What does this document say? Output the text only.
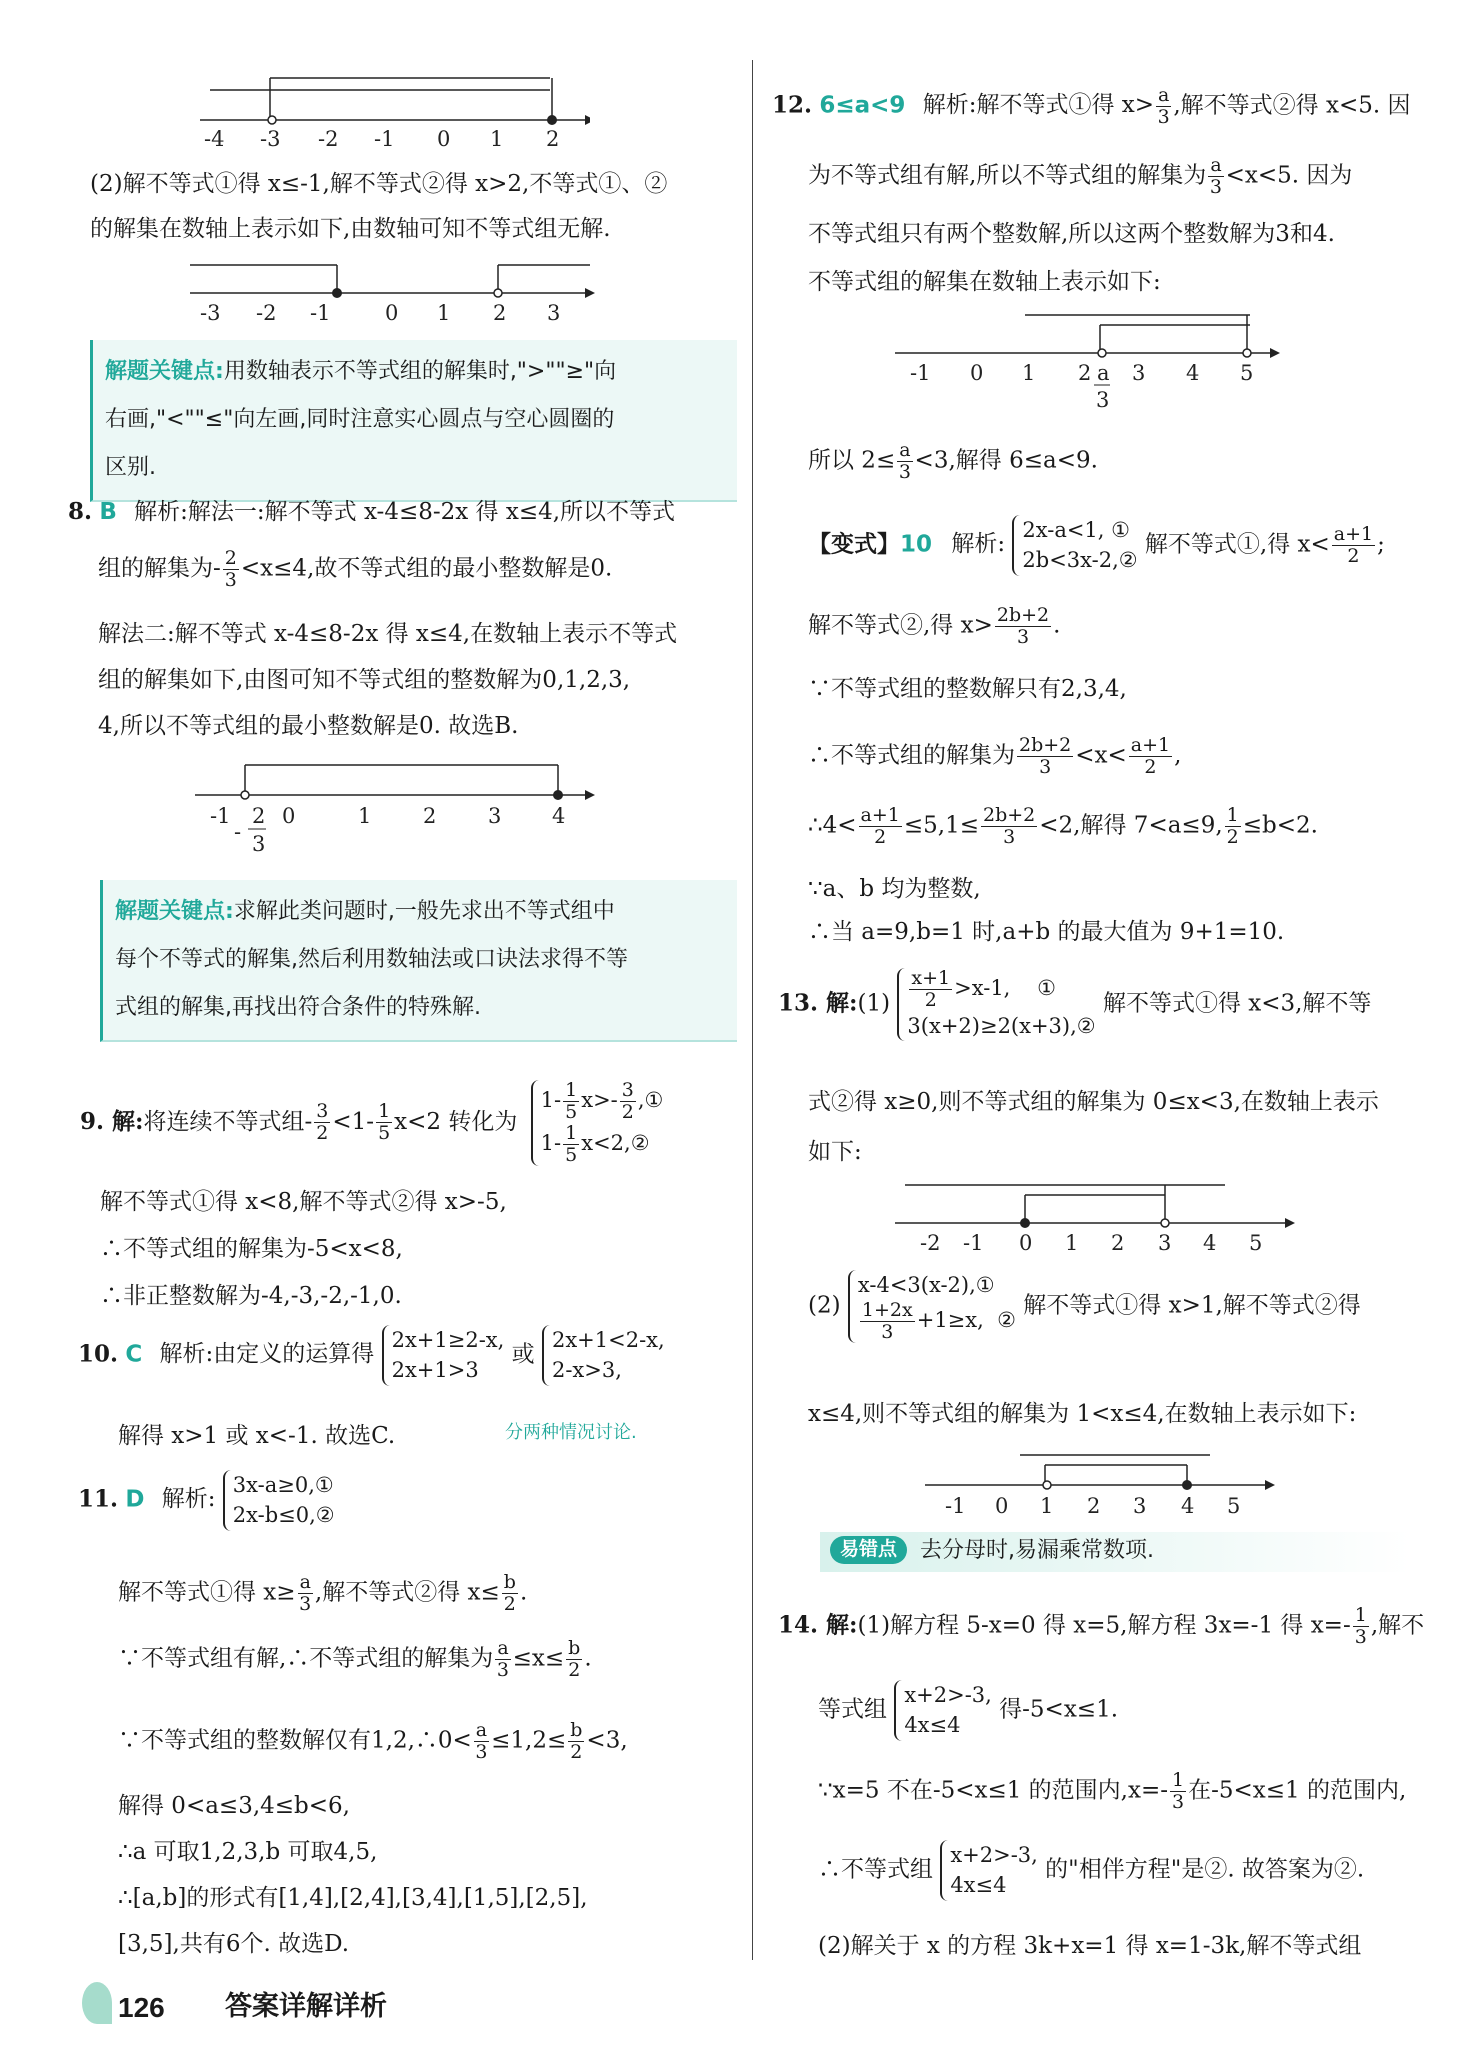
-4 -3 -2 -1 0 1 2
(2)解不等式①得 x≤-1,解不等式②得 x>2,不等式①、②
的解集在数轴上表示如下,由数轴可知不等式组无解.
-3 -2 -1	0 1 2 3
解题关键点:用数轴表示不等式组的解集时,">""≥"向
右画,"<""≤"向左画,同时注意实心圆点与空心圆圈的
区别.
8. B 解析:解法一:解不等式 x-4≤8-2x 得 x≤4,所以不等式
组的解集为- $\frac{2}{3} <x\le 4$,故不等式组的最小整数解是0.
解法二:解不等式 x-4≤8-2x 得 x≤4,在数轴上表示不等式
组的解集如下,由图可知不等式组的整数解为0,1,2,3,
4,所以不等式组的最小整数解是0. 故选B.
-1 0	1 2 3 4
2
3
-
解题关键点:求解此类问题时,一般先求出不等式组中
每个不等式的解集,然后利用数轴法或口诀法求得不等
式组的解集,再找出符合条件的特殊解.
9. 解:将连续不等式组- $\frac{3}{2} <1- \frac{1}{5} x<2$ 转化为 $1- \frac{1}{5} x>- \frac{3}{2}$ ,①
$1- \frac{1}{5}$ x<2,②
解不等式①得 x<8,解不等式②得 x>-5,
∴不等式组的解集为-5<x<8,
∴非正整数解为-4,-3,-2,-1,0.
10. C 解析:由定义的运算得 2x+1≥2-x,
2x+1>3 或 2x+1<2-x,
2-x>3,
解得 x>1 或 x<-1. 故选C.	分两种情况讨论.
11. D 解析: 3x-a≥0,①
2x-b≤0,②
解不等式①得 $x\ge \frac{a}{3}$ ,解不等式②得 $x\le \frac{b}{2}$ .
∵不等式组有解,∴不等式组的解集为 $\frac{a}{3} \le x\le \frac{b}{2}$ .
∵不等式组的整数解仅有1,2,∴0< $\frac{a}{3} \le 1,2\le \frac{b}{2} <3$,
解得 0<a≤3,4≤b<6,
∴a 可取1,2,3,b 可取4,5,
∴[a,b]的形式有[1,4],[2,4],[3,4],[1,5],[2,5],
[3,5],共有6个. 故选D.
126 答案详解详析
12. 6≤a<9 解析:解不等式①得 $x> \frac{a}{3}$ ,解不等式②得 x<5. 因
为不等式组有解,所以不等式组的解集为 $\frac{a}{3} <x<5$. 因为
不等式组只有两个整数解,所以这两个整数解为3和4.
不等式组的解集在数轴上表示如下:
-1 0 1 2 3 4 5
a
3
所以 $2\le \frac{a}{3} <3$,解得 6≤a<9.
【变式】10 解析: 2x-a<1, ①
2b<3x-2,② 解不等式①,得 $x< \frac{a+1}{2}$ ;
解不等式②,得 $x> \frac{2b+2}{3}$ .
∵不等式组的整数解只有2,3,4,
∴不等式组的解集为 $\frac{2b+2}{3} <x< \frac{a+1}{2}$ ,
∴4< $\frac{a+1}{2} \le 5,1\le \frac{2b+2}{3} <2$,解得 7<a≤9, $\frac{1}{2} \le b<2$.
∵a、b 均为整数,
∴当 a=9,b=1 时,a+b 的最大值为 9+1=10.
13. 解:(1) $\frac{x+1}{2} >x-1$, ①
3(x+2)≥2(x+3),② 解不等式①得 x<3,解不等
式②得 x≥0,则不等式组的解集为 0≤x<3,在数轴上表示
如下:
-2 -1 0 1 2 3 4 5
(2) x-4<3(x-2),①

$\frac{1+2x}{3} +1\ge x$, ② 解不等式①得 x>1,解不等式②得
x≤4,则不等式组的解集为 1<x≤4,在数轴上表示如下:
-1 0 1 2 3 4 5
易错点	去分母时,易漏乘常数项.
14. 解:(1)解方程 5-x=0 得 x=5,解方程 3x=-1 得 $x=- \frac{1}{3}$ ,解不
等式组 x+2>-3,
4x≤4 得-5<x≤1.
∵x=5 不在-5<x≤1 的范围内$,x=- \frac{1}{3}$ 在-5<x≤1 的范围内,
∴不等式组 x+2>-3,
4x≤4 的"相伴方程"是②. 故答案为②.
(2)解关于 x 的方程 3k+x=1 得 x=1-3k,解不等式组
